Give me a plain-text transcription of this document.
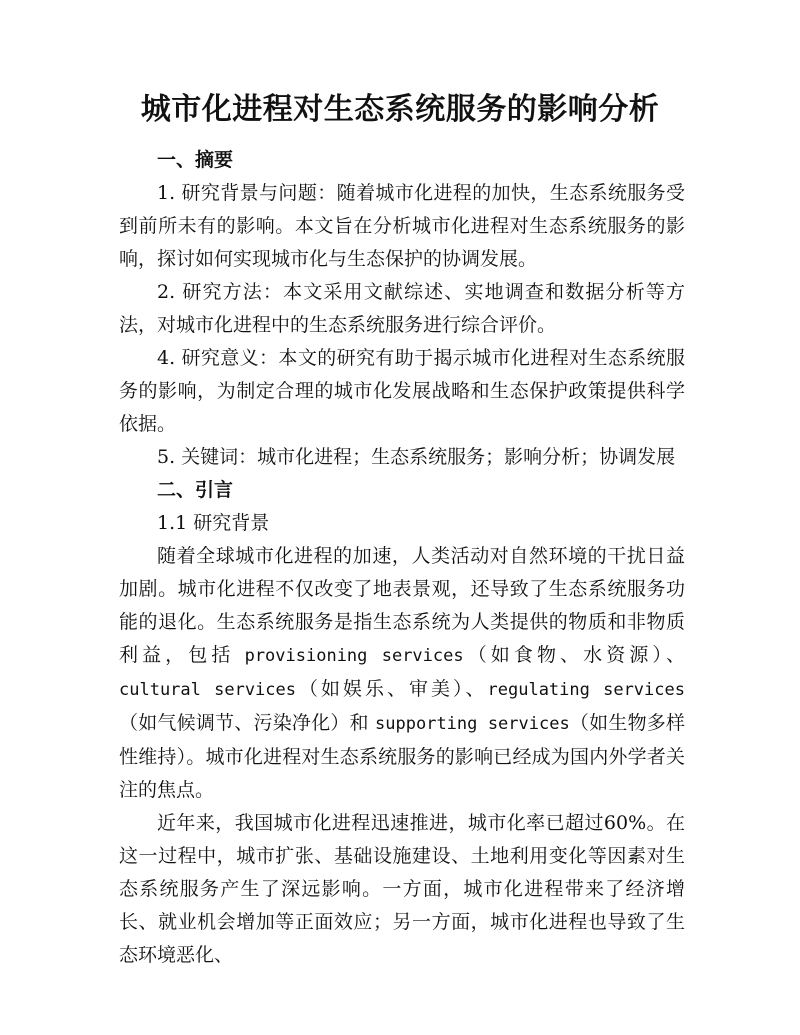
城市化进程对生态系统服务的影响分析
一、摘要

1. 研究背景与问题：随着城市化进程的加快，生态系统服务受到前所未有的影响。本文旨在分析城市化进程对生态系统服务的影响，探讨如何实现城市化与生态保护的协调发展。

2. 研究方法：本文采用文献综述、实地调查和数据分析等方法，对城市化进程中的生态系统服务进行综合评价。

4. 研究意义：本文的研究有助于揭示城市化进程对生态系统服务的影响，为制定合理的城市化发展战略和生态保护政策提供科学依据。

5. 关键词：城市化进程；生态系统服务；影响分析；协调发展

二、引言

1.1 研究背景

随着全球城市化进程的加速，人类活动对自然环境的干扰日益加剧。城市化进程不仅改变了地表景观，还导致了生态系统服务功能的退化。生态系统服务是指生态系统为人类提供的物质和非物质利益，包括 provisioning services（如食物、水资源）、cultural services（如娱乐、审美）、regulating services（如气候调节、污染净化）和 supporting services（如生物多样性维持）。城市化进程对生态系统服务的影响已经成为国内外学者关注的焦点。

近年来，我国城市化进程迅速推进，城市化率已超过60%。在这一过程中，城市扩张、基础设施建设、土地利用变化等因素对生态系统服务产生了深远影响。一方面，城市化进程带来了经济增长、就业机会增加等正面效应；另一方面，城市化进程也导致了生态环境恶化、
